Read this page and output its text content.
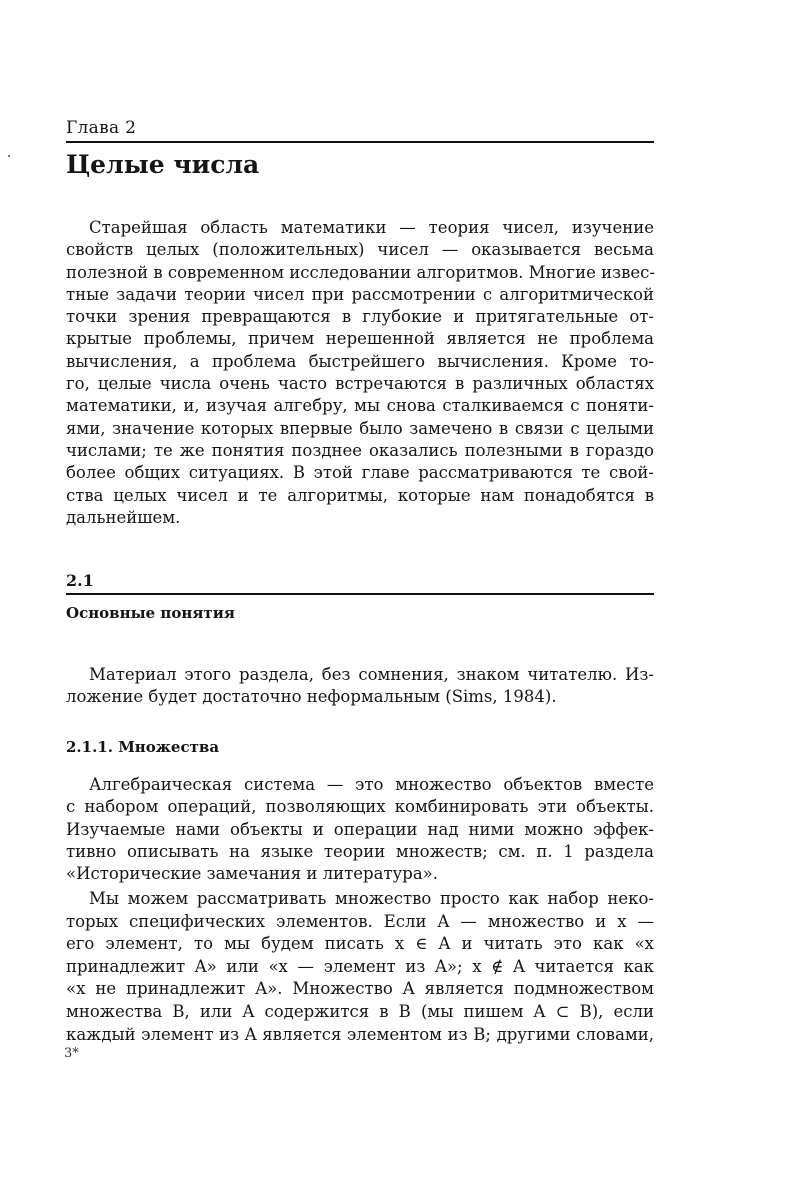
Глава 2
Целые числа
Старейшая область математики — теория чисел, изучение
свойств целых (положительных) чисел — оказывается весьма
полезной в современном исследовании алгоритмов. Многие извес-
тные задачи теории чисел при рассмотрении с алгоритмической
точки зрения превращаются в глубокие и притягательные от-
крытые проблемы, причем нерешенной является не проблема
вычисления, а проблема быстрейшего вычисления. Кроме то-
го, целые числа очень часто встречаются в различных областях
математики, и, изучая алгебру, мы снова сталкиваемся с поняти-
ями, значение которых впервые было замечено в связи с целыми
числами; те же понятия позднее оказались полезными в гораздо
более общих ситуациях. В этой главе рассматриваются те свой-
ства целых чисел и те алгоритмы, которые нам понадобятся в
дальнейшем.
2.1
Основные понятия
Материал этого раздела, без сомнения, знаком читателю. Из-
ложение будет достаточно неформальным (Sims, 1984).
2.1.1. Множества
Алгебраическая система — это множество объектов вместе
с набором операций, позволяющих комбинировать эти объекты.
Изучаемые нами объекты и операции над ними можно эффек-
тивно описывать на языке теории множеств; см. п. 1 раздела
«Исторические замечания и литература».
Мы можем рассматривать множество просто как набор неко-
торых специфических элементов. Если A — множество и x —
его элемент, то мы будем писать x ∈ A и читать это как «x
принадлежит A» или «x — элемент из A»; x ∉ A читается как
«x не принадлежит A». Множество A является подмножеством
множества B, или A содержится в B (мы пишем A ⊂ B), если
каждый элемент из A является элементом из B; другими словами,
3*
